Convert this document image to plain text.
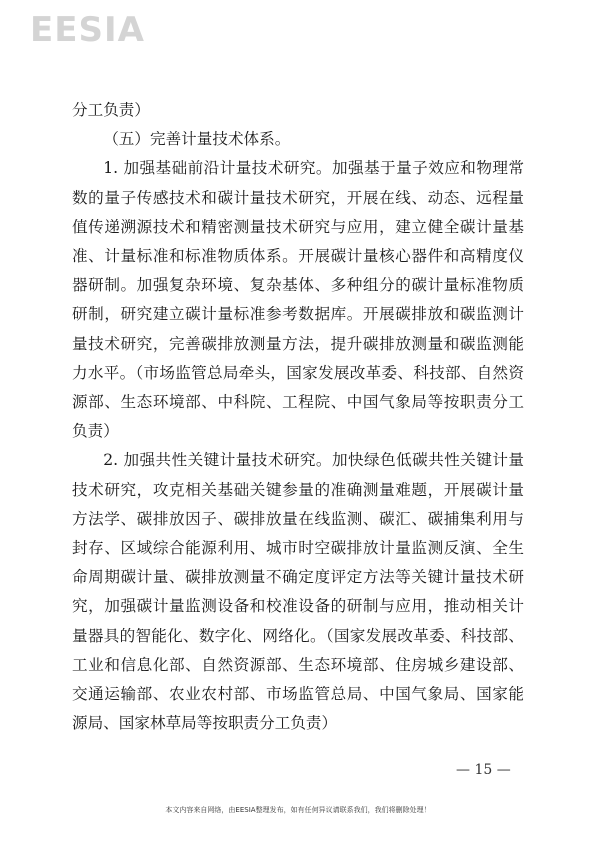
EESIA

分工负责）

（五）完善计量技术体系。

1. 加强基础前沿计量技术研究。加强基于量子效应和物理常数的量子传感技术和碳计量技术研究，开展在线、动态、远程量值传递溯源技术和精密测量技术研究与应用，建立健全碳计量基准、计量标准和标准物质体系。开展碳计量核心器件和高精度仪器研制。加强复杂环境、复杂基体、多种组分的碳计量标准物质研制，研究建立碳计量标准参考数据库。开展碳排放和碳监测计量技术研究，完善碳排放测量方法，提升碳排放测量和碳监测能力水平。（市场监管总局牵头，国家发展改革委、科技部、自然资源部、生态环境部、中科院、工程院、中国气象局等按职责分工负责）

2. 加强共性关键计量技术研究。加快绿色低碳共性关键计量技术研究，攻克相关基础关键参量的准确测量难题，开展碳计量方法学、碳排放因子、碳排放量在线监测、碳汇、碳捕集利用与封存、区域综合能源利用、城市时空碳排放计量监测反演、全生命周期碳计量、碳排放测量不确定度评定方法等关键计量技术研究，加强碳计量监测设备和校准设备的研制与应用，推动相关计量器具的智能化、数字化、网络化。（国家发展改革委、科技部、工业和信息化部、自然资源部、生态环境部、住房城乡建设部、交通运输部、农业农村部、市场监管总局、中国气象局、国家能源局、国家林草局等按职责分工负责）

— 15 —
本文内容来自网络，由EESIA整理发布，如有任何异议请联系我们，我们将删除处理！
